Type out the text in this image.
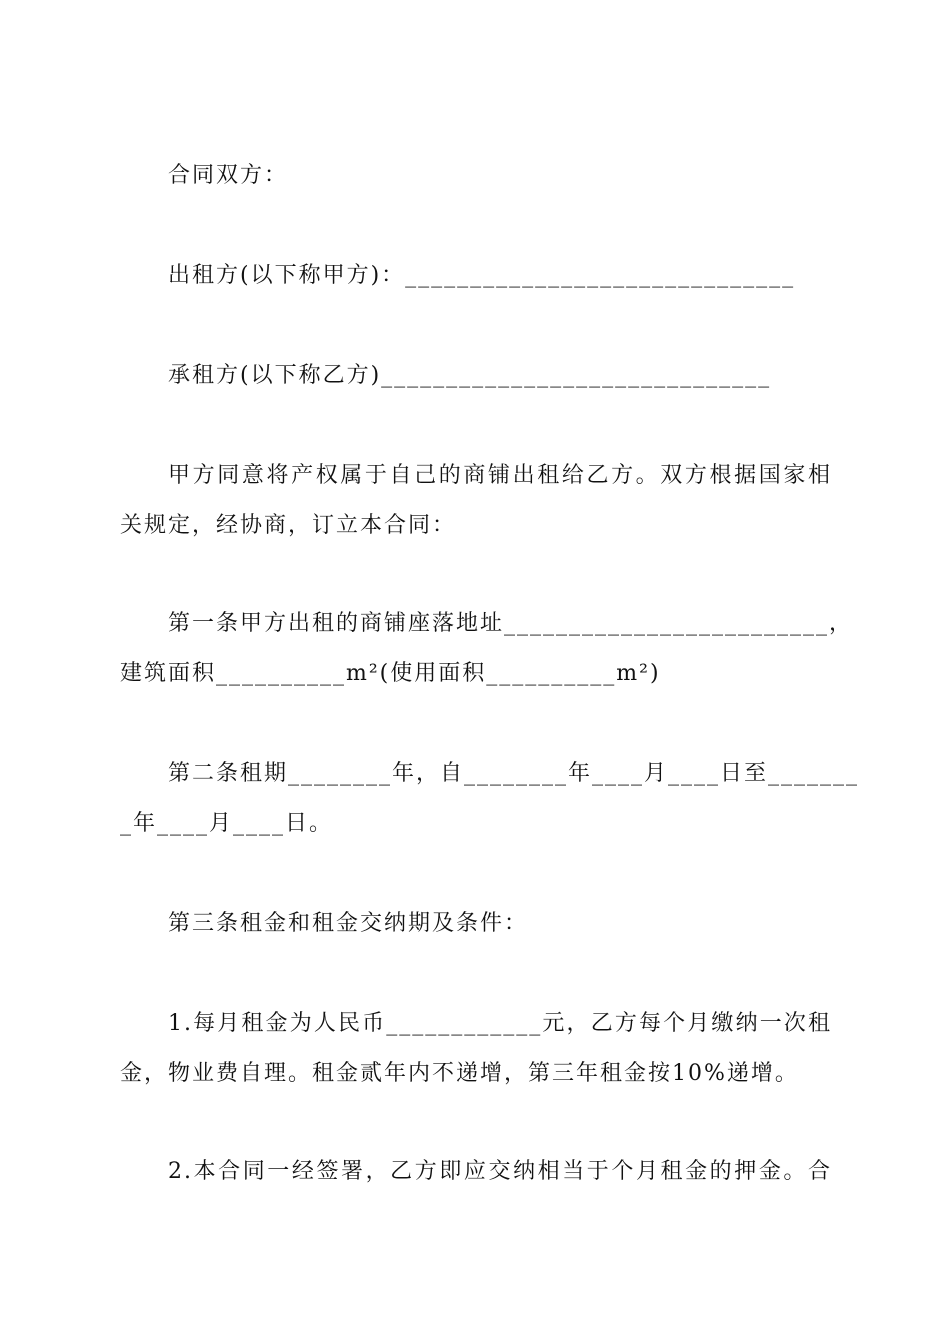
合同双方：
出租方(以下称甲方)：______________________________
承租方(以下称乙方)______________________________
甲方同意将产权属于自己的商铺出租给乙方。双方根据国家相
关规定，经协商，订立本合同：
第一条甲方出租的商铺座落地址_________________________，
建筑面积__________m²(使用面积__________m²)
第二条租期________年，自________年____月____日至_______
_年____月____日。
第三条租金和租金交纳期及条件：
1.每月租金为人民币____________元，乙方每个月缴纳一次租
金，物业费自理。租金贰年内不递增，第三年租金按10%递增。
2.本合同一经签署，乙方即应交纳相当于个月租金的押金。合
